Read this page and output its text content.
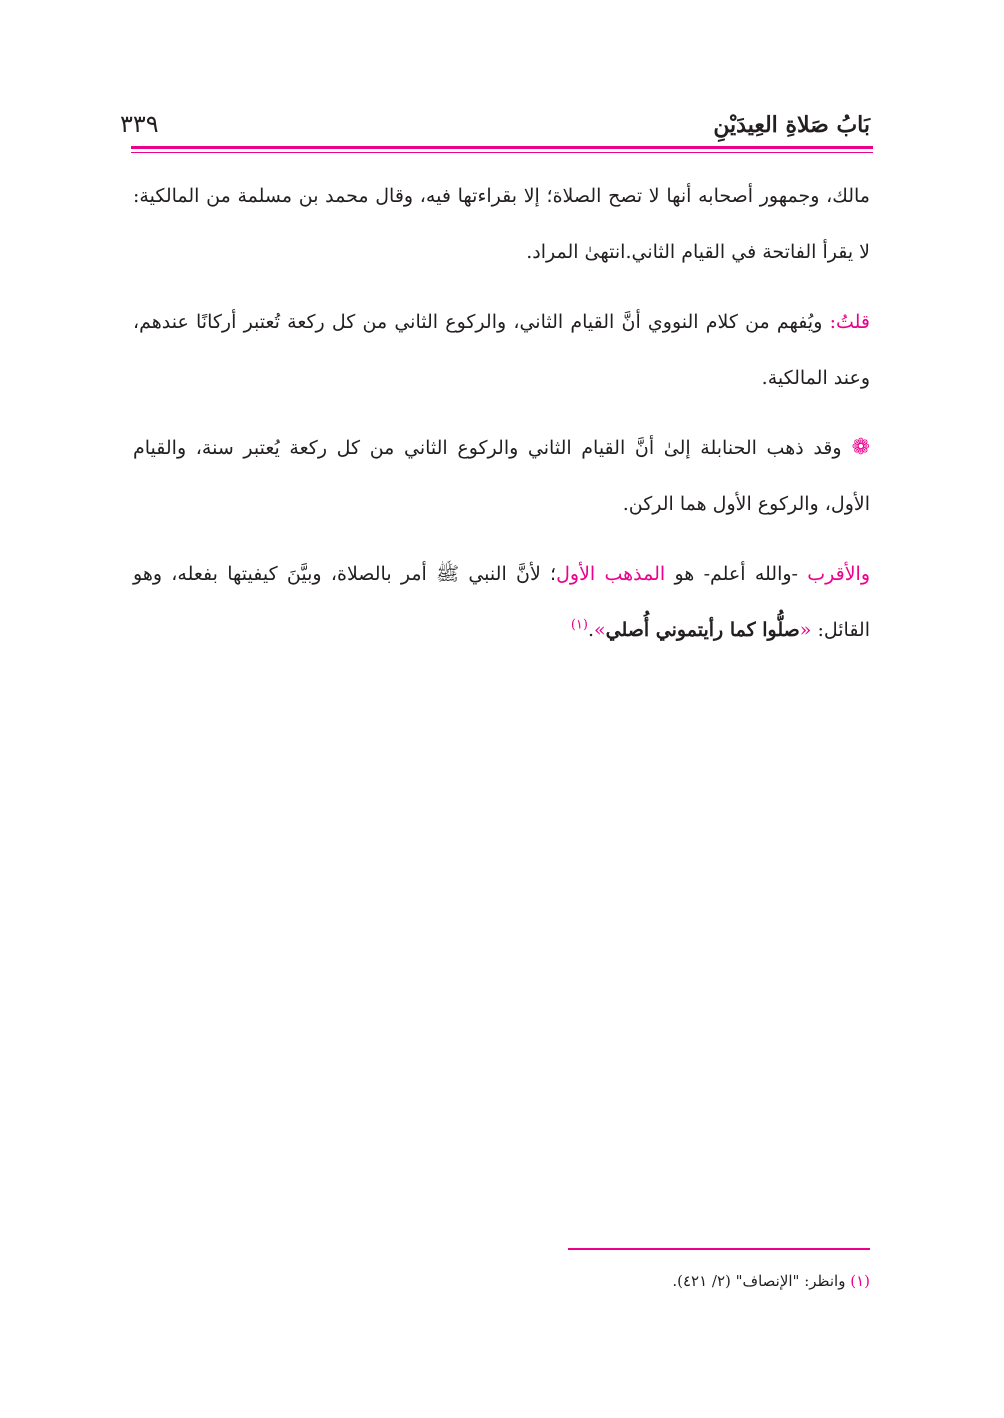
بَابُ صَلاةِ العِيدَيْنِ
٣٣٩

مالك، وجمهور أصحابه أنها لا تصح الصلاة؛ إلا بقراءتها فيه، وقال محمد بن مسلمة من المالكية: لا يقرأ الفاتحة في القيام الثاني.انتهىٰ المراد.

قلتُ: ويُفهم من كلام النووي أنَّ القيام الثاني، والركوع الثاني من كل ركعة تُعتبر أركانًا عندهم، وعند المالكية.

❁وقد ذهب الحنابلة إلىٰ أنَّ القيام الثاني والركوع الثاني من كل ركعة يُعتبر سنة، والقيام الأول، والركوع الأول هما الركن.

والأقرب -والله أعلم- هو المذهب الأول؛ لأنَّ النبي ﷺ أمر بالصلاة، وبيَّنَ كيفيتها بفعله، وهو القائل: «صلُّوا كما رأيتموني أُصلي».$^{(١)}$

(١) وانظر: "الإنصاف" (٢/ ٤٢١).
